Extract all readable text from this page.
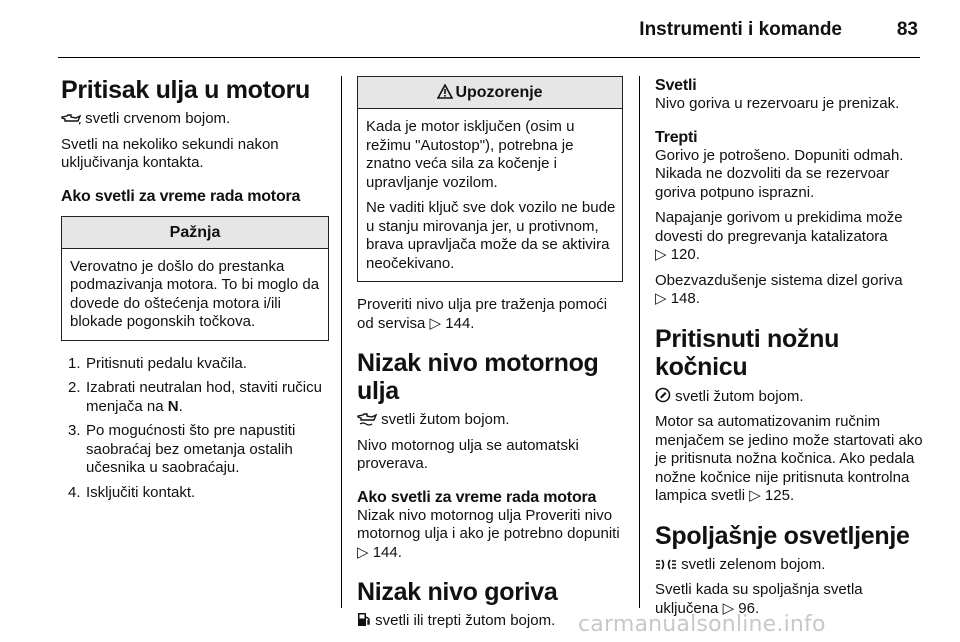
Instrumenti i komande	83
Pritisak ulja u motoru

svetli crvenom bojom.

Svetli na nekoliko sekundi nakon uključivanja kontakta.

Ako svetli za vreme rada motora
Pažnja

Verovatno je došlo do prestanka podmazivanja motora. To bi moglo da dovede do oštećenja motora i/ili blokade pogonskih točkova.

1. Pritisnuti pedalu kvačila.
2. Izabrati neutralan hod, staviti ručicu menjača na N.
3. Po mogućnosti što pre napustiti saobraćaj bez ometanja ostalih učesnika u saobraćaju.
4. Isključiti kontakt.
Upozorenje

Kada je motor isključen (osim u režimu "Autostop"), potrebna je znatno veća sila za kočenje i upravljanje vozilom.

Ne vaditi ključ sve dok vozilo ne bude u stanju mirovanja jer, u protivnom, brava upravljača može da se aktivira neočekivano.

Proveriti nivo ulja pre traženja pomoći od servisa ▷ 144.

Nizak nivo motornog ulja

svetli žutom bojom.

Nivo motornog ulja se automatski proverava.

Ako svetli za vreme rada motora

Nizak nivo motornog ulja Proveriti nivo motornog ulja i ako je potrebno dopuniti ▷ 144.

Nizak nivo goriva

svetli ili trepti žutom bojom.

Svetli

Nivo goriva u rezervoaru je prenizak.

Trepti

Gorivo je potrošeno. Dopuniti odmah. Nikada ne dozvoliti da se rezervoar goriva potpuno isprazni.

Napajanje gorivom u prekidima može dovesti do pregrevanja katalizatora
▷ 120.

Obezvazdušenje sistema dizel goriva
▷ 148.

Pritisnuti nožnu kočnicu

svetli žutom bojom.

Motor sa automatizovanim ručnim menjačem se jedino može startovati ako je pritisnuta nožna kočnica. Ako pedala nožne kočnice nije pritisnuta kontrolna lampica svetli ▷ 125.

Spoljašnje osvetljenje

svetli zelenom bojom.

Svetli kada su spoljašnja svetla uključena ▷ 96.

carmanualsonline.info
